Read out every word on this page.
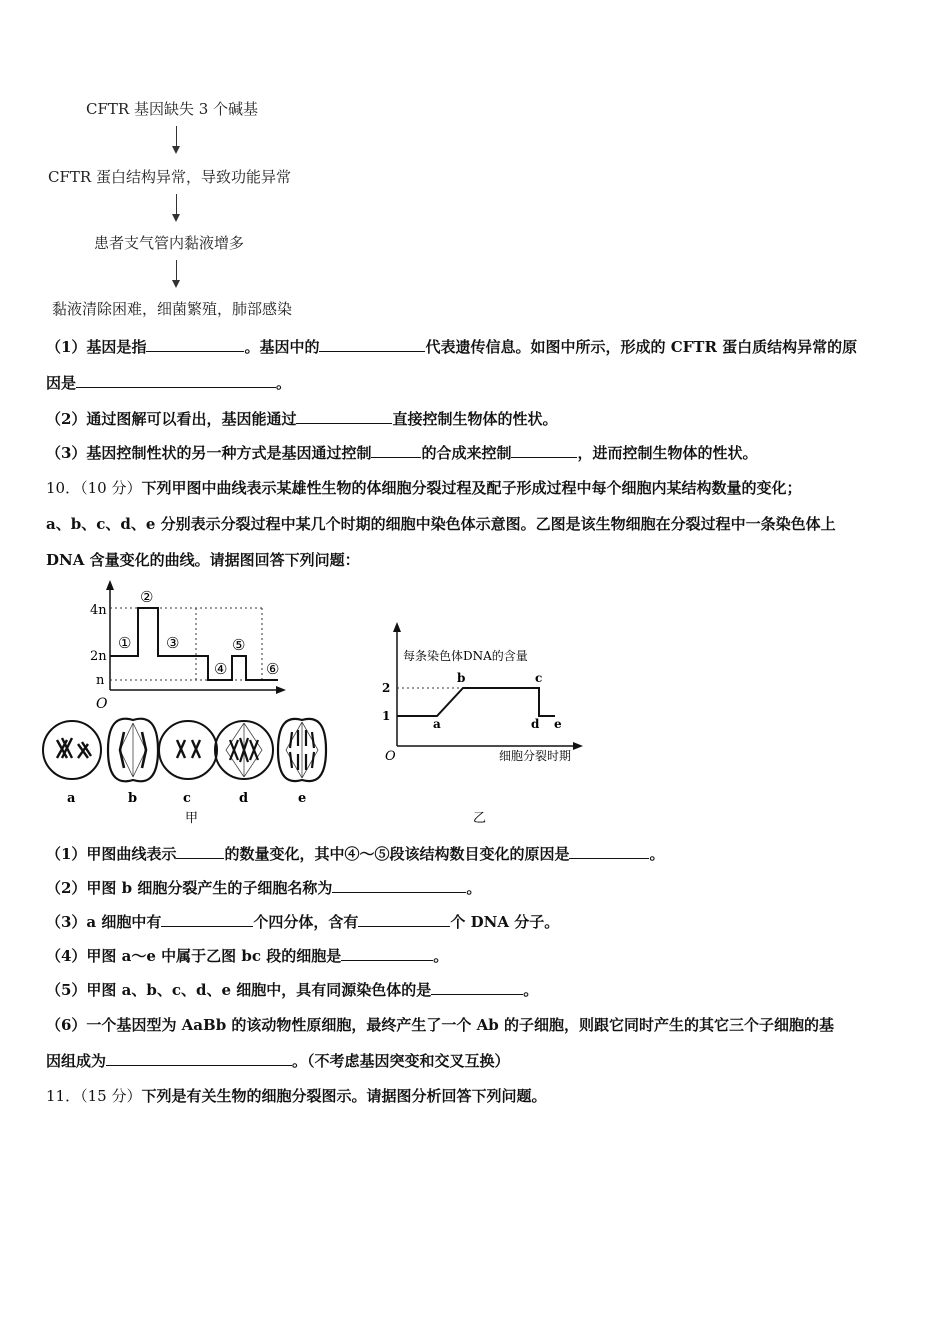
CFTR 基因缺失 3 个碱基
CFTR 蛋白结构异常，导致功能异常
患者支气管内黏液增多
黏液清除困难，细菌繁殖，肺部感染
（1）基因是指	。基因中的	代表遗传信息。如图中所示，形成的 CFTR 蛋白质结构异常的原
因是	。
（2）通过图解可以看出，基因能通过	直接控制生物体的性状。
（3）基因控制性状的另一种方式是基因通过控制	的合成来控制	，进而控制生物体的性状。
10．（10 分）下列甲图中曲线表示某雄性生物的体细胞分裂过程及配子形成过程中每个细胞内某结构数量的变化；
a、b、c、d、e 分别表示分裂过程中某几个时期的细胞中染色体示意图。乙图是该生物细胞在分裂过程中一条染色体上
DNA 含量变化的曲线。请据图回答下列问题：
4n
2n
n
O
①
②
③
④
⑤
⑥
a	b	c	d	e
甲
每条染色体DNA的含量
2
1
O
a
b	c
d e
细胞分裂时期
乙
（1）甲图曲线表示	的数量变化，其中④～⑤段该结构数目变化的原因是	。
（2）甲图 b 细胞分裂产生的子细胞名称为	。
（3）a 细胞中有	个四分体，含有	个 DNA 分子。
（4）甲图 a～e 中属于乙图 bc 段的细胞是	。
（5）甲图 a、b、c、d、e 细胞中，具有同源染色体的是	。
（6）一个基因型为 AaBb 的该动物性原细胞，最终产生了一个 Ab 的子细胞，则跟它同时产生的其它三个子细胞的基
因组成为	。（不考虑基因突变和交叉互换）
11．（15 分）下列是有关生物的细胞分裂图示。请据图分析回答下列问题。
